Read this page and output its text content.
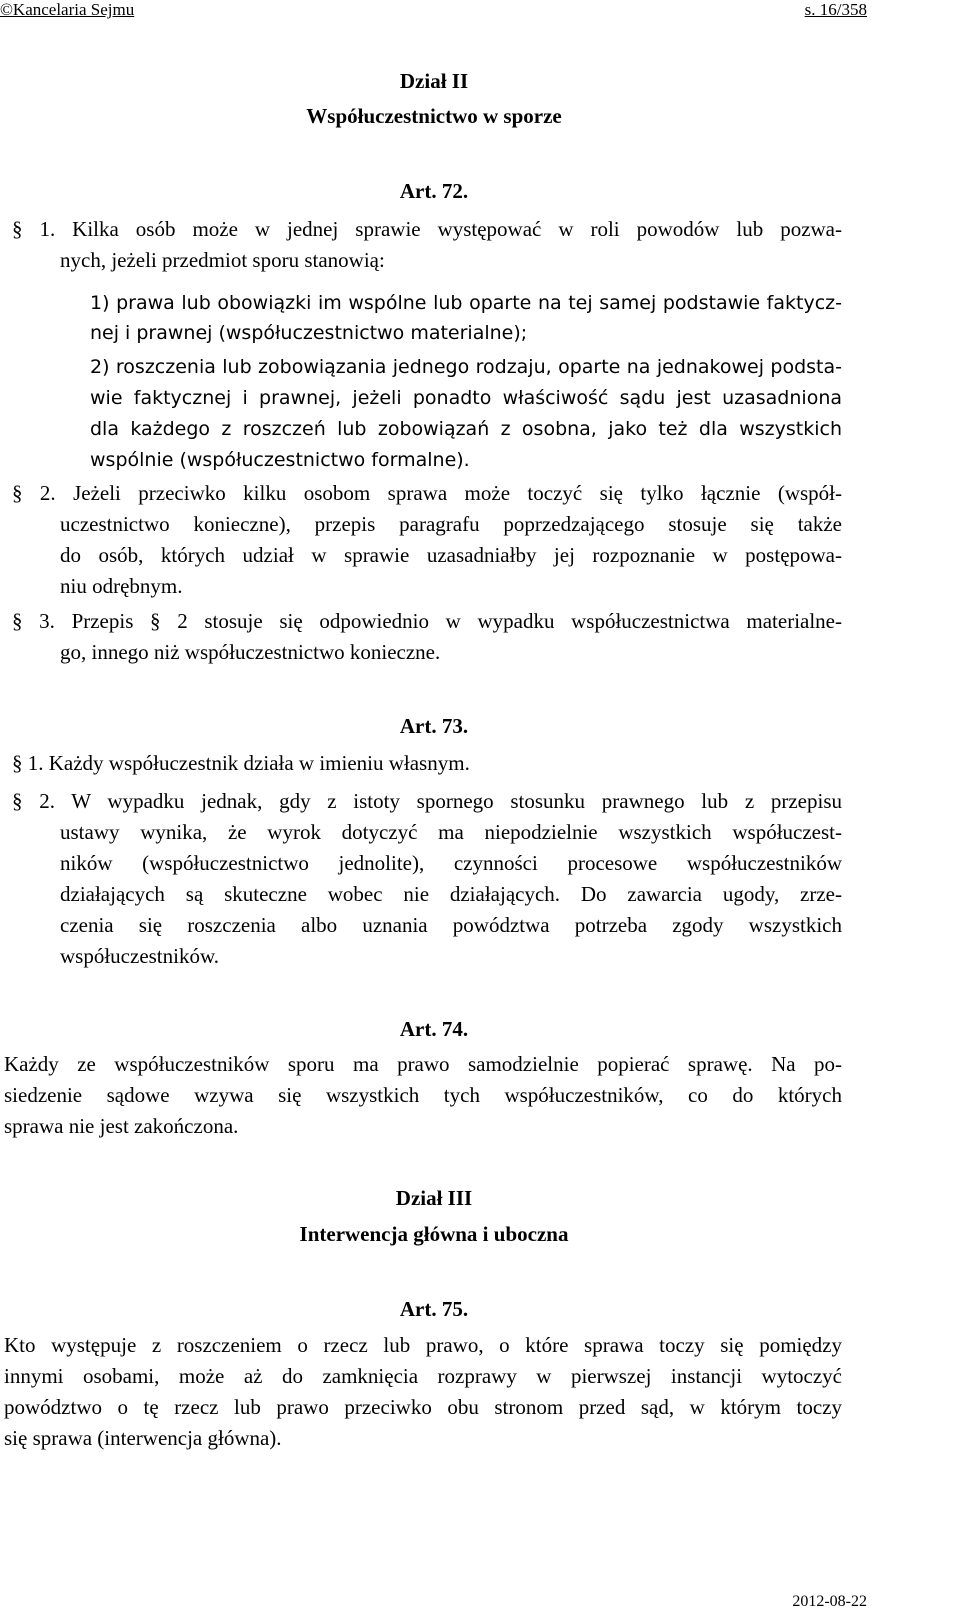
©Kancelaria Sejmu	s. 16/358
Dział II
Współuczestnictwo w sporze
Art. 72.
§ 1. Kilka osób może w jednej sprawie występować w roli powodów lub pozwa-
nych, jeżeli przedmiot sporu stanowią:
1) prawa lub obowiązki im wspólne lub oparte na tej samej podstawie faktycz-
nej i prawnej (współuczestnictwo materialne);
2) roszczenia lub zobowiązania jednego rodzaju, oparte na jednakowej podsta-
wie faktycznej i prawnej, jeżeli ponadto właściwość sądu jest uzasadniona
dla każdego z roszczeń lub zobowiązań z osobna, jako też dla wszystkich
wspólnie (współuczestnictwo formalne).
§ 2. Jeżeli przeciwko kilku osobom sprawa może toczyć się tylko łącznie (współ-
uczestnictwo konieczne), przepis paragrafu poprzedzającego stosuje się także
do osób, których udział w sprawie uzasadniałby jej rozpoznanie w postępowa-
niu odrębnym.
§ 3. Przepis § 2 stosuje się odpowiednio w wypadku współuczestnictwa materialne-
go, innego niż współuczestnictwo konieczne.
Art. 73.
§ 1. Każdy współuczestnik działa w imieniu własnym.
§ 2. W wypadku jednak, gdy z istoty spornego stosunku prawnego lub z przepisu
ustawy wynika, że wyrok dotyczyć ma niepodzielnie wszystkich współuczest-
ników (współuczestnictwo jednolite), czynności procesowe współuczestników
działających są skuteczne wobec nie działających. Do zawarcia ugody, zrze-
czenia się roszczenia albo uznania powództwa potrzeba zgody wszystkich
współuczestników.
Art. 74.
Każdy ze współuczestników sporu ma prawo samodzielnie popierać sprawę. Na po-
siedzenie sądowe wzywa się wszystkich tych współuczestników, co do których
sprawa nie jest zakończona.
Dział III
Interwencja główna i uboczna
Art. 75.
Kto występuje z roszczeniem o rzecz lub prawo, o które sprawa toczy się pomiędzy
innymi osobami, może aż do zamknięcia rozprawy w pierwszej instancji wytoczyć
powództwo o tę rzecz lub prawo przeciwko obu stronom przed sąd, w którym toczy
się sprawa (interwencja główna).
2012-08-22
